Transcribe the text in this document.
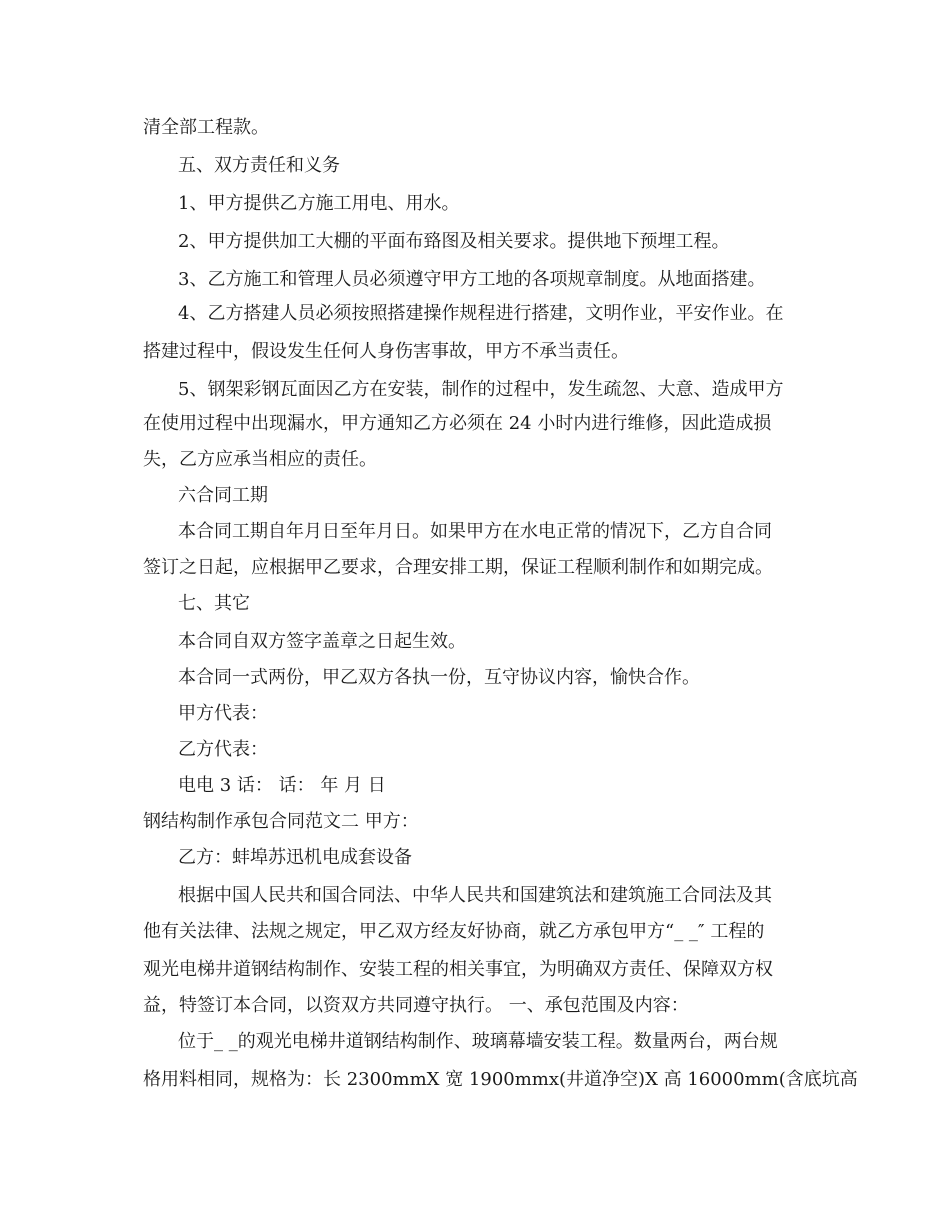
清全部工程款。
五、双方责任和义务
1、甲方提供乙方施工用电、用水。
2、甲方提供加工大棚的平面布臵图及相关要求。提供地下预埋工程。
3、乙方施工和管理人员必须遵守甲方工地的各项规章制度。从地面搭建。
4、乙方搭建人员必须按照搭建操作规程进行搭建，文明作业，平安作业。在
搭建过程中，假设发生任何人身伤害事故，甲方不承当责任。
5、钢架彩钢瓦面因乙方在安装，制作的过程中，发生疏忽、大意、造成甲方
在使用过程中出现漏水，甲方通知乙方必须在 24 小时内进行维修，因此造成损
失，乙方应承当相应的责任。
六合同工期
本合同工期自年月日至年月日。如果甲方在水电正常的情况下，乙方自合同
签订之日起，应根据甲乙要求，合理安排工期，保证工程顺利制作和如期完成。
七、其它
本合同自双方签字盖章之日起生效。
本合同一式两份，甲乙双方各执一份，互守协议内容，愉快合作。
甲方代表：
乙方代表：
电电 3 话： 话： 年 月 日
钢结构制作承包合同范文二 甲方：
乙方：蚌埠苏迅机电成套设备
根据中国人民共和国合同法、中华人民共和国建筑法和建筑施工合同法及其
他有关法律、法规之规定，甲乙双方经友好协商，就乙方承包甲方“_ _″ 工程的
观光电梯井道钢结构制作、安装工程的相关事宜，为明确双方责任、保障双方权
益，特签订本合同，以资双方共同遵守执行。 一、承包范围及内容：
位于_ _的观光电梯井道钢结构制作、玻璃幕墙安装工程。数量两台，两台规
格用料相同，规格为：长 2300mmX 宽 1900mmx(井道净空)X 高 16000mm(含底坑高
